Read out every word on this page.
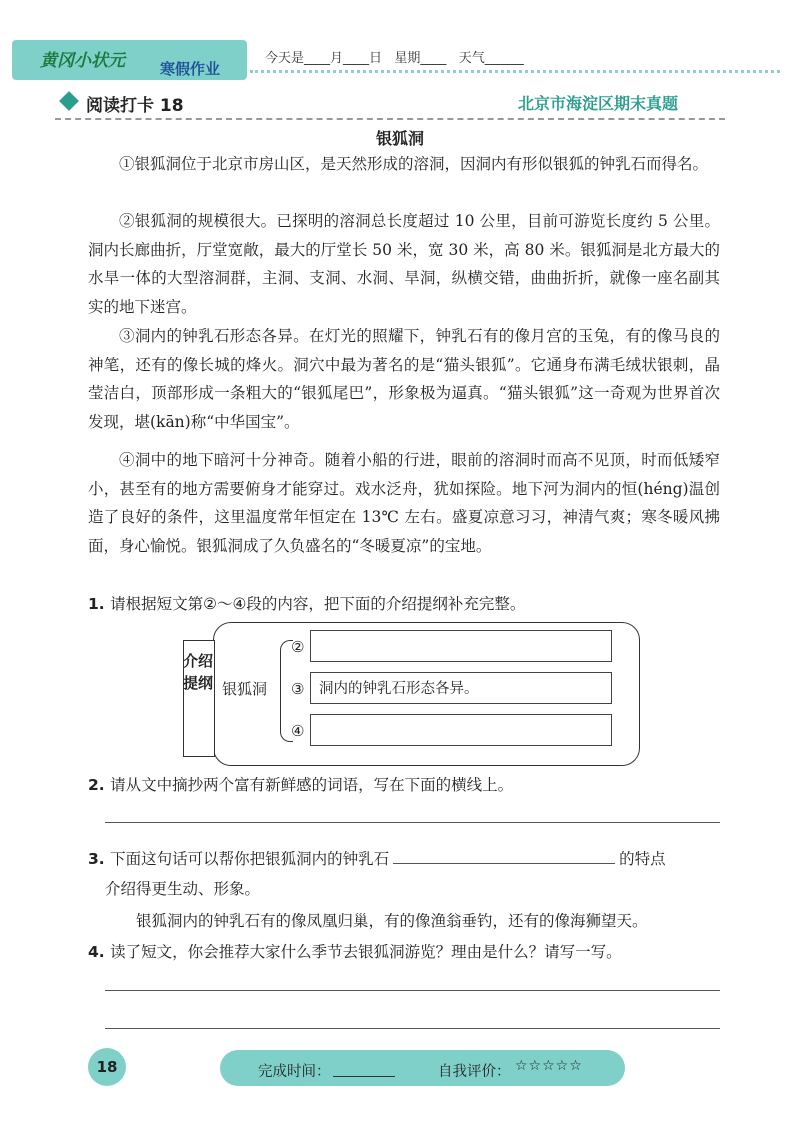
黄冈小状元 寒假作业
今天是____月____日   星期____   天气______
阅读打卡 18	北京市海淀区期末真题
银狐洞
①银狐洞位于北京市房山区，是天然形成的溶洞，因洞内有形似银狐的钟乳石而得名。
②银狐洞的规模很大。已探明的溶洞总长度超过 10 公里，目前可游览长度约 5 公里。洞内长廊曲折，厅堂宽敞，最大的厅堂长 50 米，宽 30 米，高 80 米。银狐洞是北方最大的水旱一体的大型溶洞群，主洞、支洞、水洞、旱洞，纵横交错，曲曲折折，就像一座名副其实的地下迷宫。
③洞内的钟乳石形态各异。在灯光的照耀下，钟乳石有的像月宫的玉兔，有的像马良的神笔，还有的像长城的烽火。洞穴中最为著名的是“猫头银狐”。它通身布满毛绒状银刺，晶莹洁白，顶部形成一条粗大的“银狐尾巴”，形象极为逼真。“猫头银狐”这一奇观为世界首次发现，堪(kān)称“中华国宝”。
④洞中的地下暗河十分神奇。随着小船的行进，眼前的溶洞时而高不见顶，时而低矮窄小，甚至有的地方需要俯身才能穿过。戏水泛舟，犹如探险。地下河为洞内的恒(héng)温创造了良好的条件，这里温度常年恒定在 13℃ 左右。盛夏凉意习习，神清气爽；寒冬暖风拂面，身心愉悦。银狐洞成了久负盛名的“冬暖夏凉”的宝地。
1. 请根据短文第②～④段的内容，把下面的介绍提纲补充完整。
介绍提纲 银狐洞
②
③	洞内的钟乳石形态各异。
④
2. 请从文中摘抄两个富有新鲜感的词语，写在下面的横线上。
3. 下面这句话可以帮你把银狐洞内的钟乳石	的特点
介绍得更生动、形象。
银狐洞内的钟乳石有的像凤凰归巢，有的像渔翁垂钓，还有的像海狮望天。
4. 读了短文，你会推荐大家什么季节去银狐洞游览？理由是什么？请写一写。
18	完成时间：	自我评价： ☆☆☆☆☆
